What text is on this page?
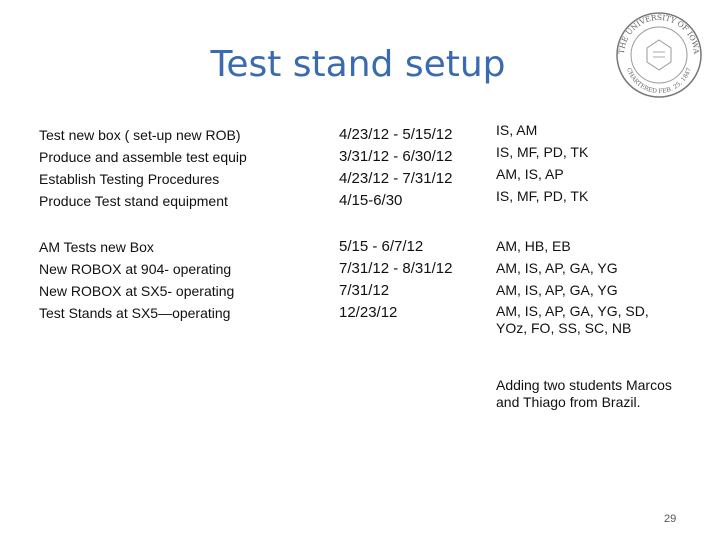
Test stand setup	THE UNIVERSITY OF IOWA
CHARTERED FEB. 25, 1847
Test new box ( set-up new ROB)
Produce and assemble test equip
Establish Testing Procedures
Produce Test stand equipment
4/23/12 - 5/15/12
3/31/12 - 6/30/12
4/23/12 - 7/31/12
4/15-6/30
IS, AM
IS, MF, PD, TK
AM, IS, AP
IS, MF, PD, TK
AM Tests new Box
New ROBOX at 904- operating
New ROBOX at SX5- operating
Test Stands at SX5—operating
5/15 - 6/7/12
7/31/12 - 8/31/12
7/31/12
12/23/12
AM, HB, EB
AM, IS, AP, GA, YG
AM, IS, AP, GA, YG
AM, IS, AP, GA, YG, SD, YOz, FO, SS, SC, NB
Adding two students Marcos and Thiago from Brazil.
29
